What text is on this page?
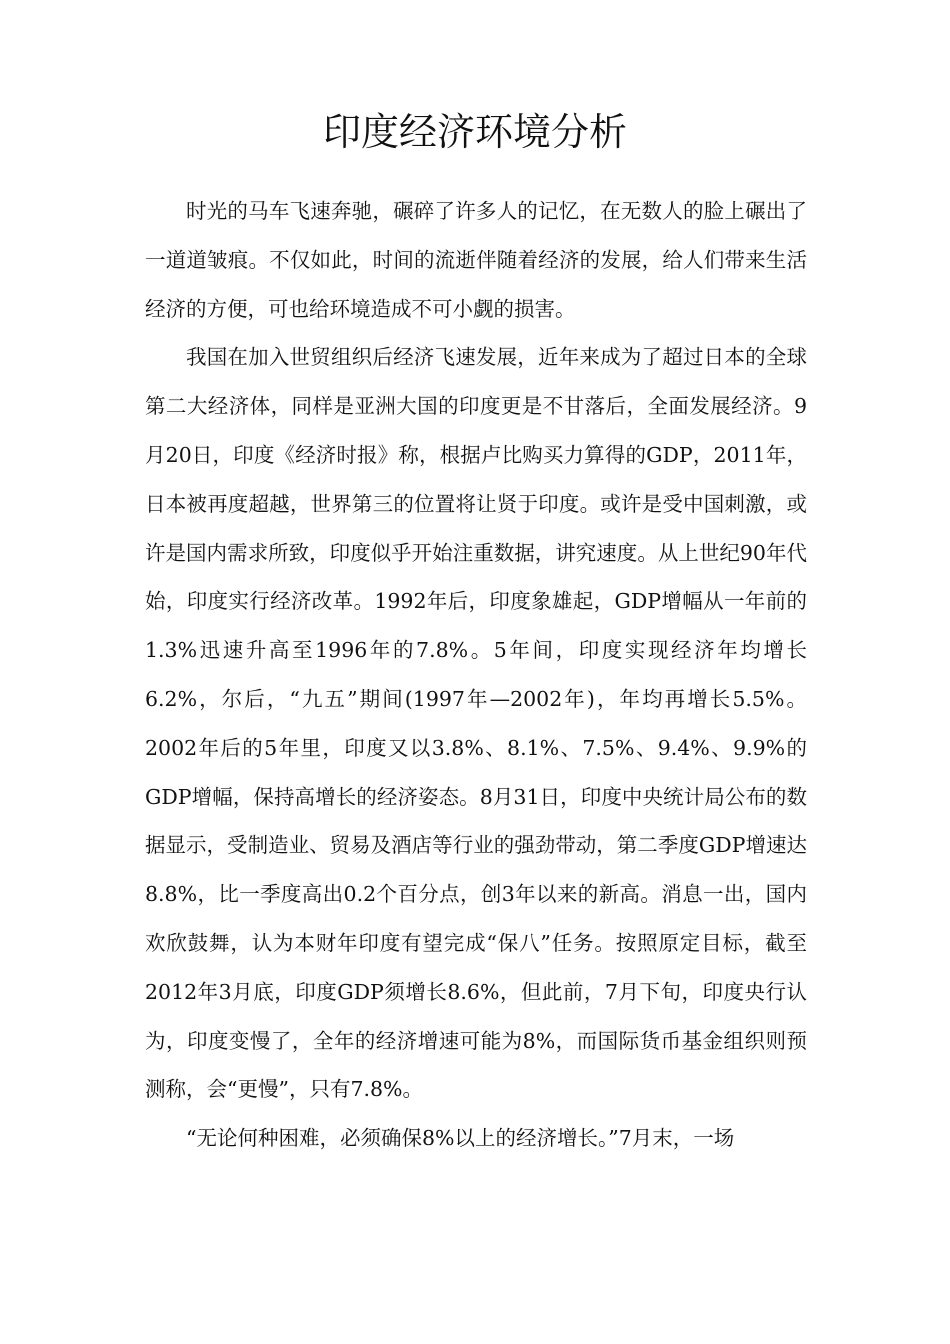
印度经济环境分析

时光的马车飞速奔驰，碾碎了许多人的记忆，在无数人的脸上碾出了一道道皱痕。不仅如此，时间的流逝伴随着经济的发展，给人们带来生活经济的方便，可也给环境造成不可小觑的损害。

我国在加入世贸组织后经济飞速发展，近年来成为了超过日本的全球第二大经济体，同样是亚洲大国的印度更是不甘落后，全面发展经济。9月20日，印度《经济时报》称，根据卢比购买力算得的GDP，2011年，日本被再度超越，世界第三的位置将让贤于印度。或许是受中国刺激，或许是国内需求所致，印度似乎开始注重数据，讲究速度。从上世纪90年代始，印度实行经济改革。1992年后，印度象雄起，GDP增幅从一年前的1.3%迅速升高至1996年的7.8%。5年间，印度实现经济年均增长6.2%，尔后，“九五”期间(1997年—2002年)，年均再增长5.5%。2002年后的5年里，印度又以3.8%、8.1%、7.5%、9.4%、9.9%的GDP增幅，保持高增长的经济姿态。8月31日，印度中央统计局公布的数据显示，受制造业、贸易及酒店等行业的强劲带动，第二季度GDP增速达8.8%，比一季度高出0.2个百分点，创3年以来的新高。消息一出，国内欢欣鼓舞，认为本财年印度有望完成“保八”任务。按照原定目标，截至2012年3月底，印度GDP须增长8.6%，但此前，7月下旬，印度央行认为，印度变慢了，全年的经济增速可能为8%，而国际货币基金组织则预测称，会“更慢”，只有7.8%。

“无论何种困难，必须确保8%以上的经济增长。”7月末，一场
